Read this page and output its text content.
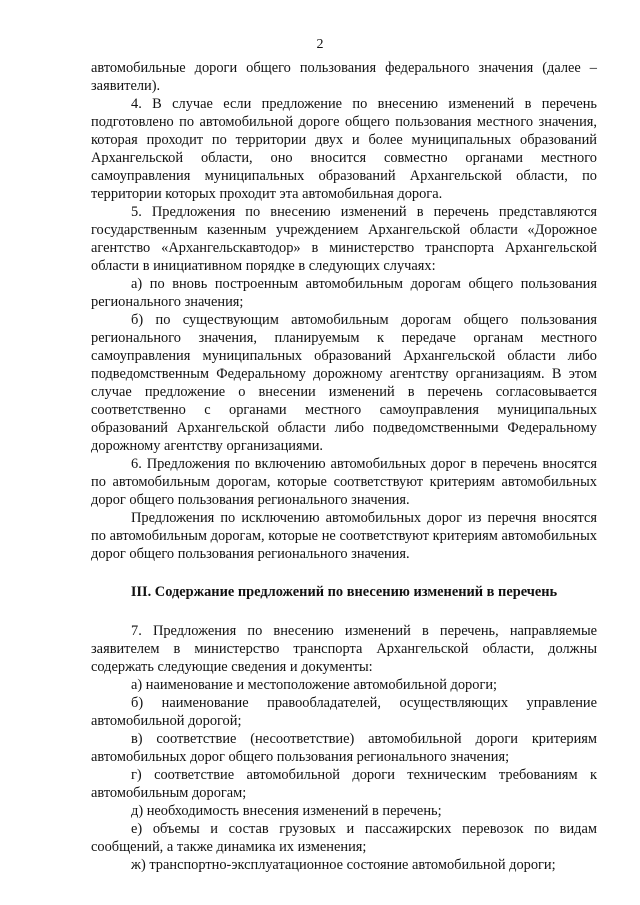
2

автомобильные дороги общего пользования федерального значения (далее – заявители).

4. В случае если предложение по внесению изменений в перечень подготовлено по автомобильной дороге общего пользования местного значения, которая проходит по территории двух и более муниципальных образований Архангельской области, оно вносится совместно органами местного самоуправления муниципальных образований Архангельской области, по территории которых проходит эта автомобильная дорога.

5. Предложения по внесению изменений в перечень представляются государственным казенным учреждением Архангельской области «Дорожное агентство «Архангельскавтодор» в министерство транспорта Архангельской области в инициативном порядке в следующих случаях:

а) по вновь построенным автомобильным дорогам общего пользования регионального значения;

б) по существующим автомобильным дорогам общего пользования регионального значения, планируемым к передаче органам местного самоуправления муниципальных образований Архангельской области либо подведомственным Федеральному дорожному агентству организациям. В этом случае предложение о внесении изменений в перечень согласовывается соответственно с органами местного самоуправления муниципальных образований Архангельской области либо подведомственными Федеральному дорожному агентству организациями.

6. Предложения по включению автомобильных дорог в перечень вносятся по автомобильным дорогам, которые соответствуют критериям автомобильных дорог общего пользования регионального значения.

Предложения по исключению автомобильных дорог из перечня вносятся по автомобильным дорогам, которые не соответствуют критериям автомобильных дорог общего пользования регионального значения.

III. Содержание предложений по внесению изменений в перечень

7. Предложения по внесению изменений в перечень, направляемые заявителем в министерство транспорта Архангельской области, должны содержать следующие сведения и документы:

а) наименование и местоположение автомобильной дороги;

б) наименование правообладателей, осуществляющих управление автомобильной дорогой;

в) соответствие (несоответствие) автомобильной дороги критериям автомобильных дорог общего пользования регионального значения;

г) соответствие автомобильной дороги техническим требованиям к автомобильным дорогам;

д) необходимость внесения изменений в перечень;

е) объемы и состав грузовых и пассажирских перевозок по видам сообщений, а также динамика их изменения;

ж) транспортно-эксплуатационное состояние автомобильной дороги;
